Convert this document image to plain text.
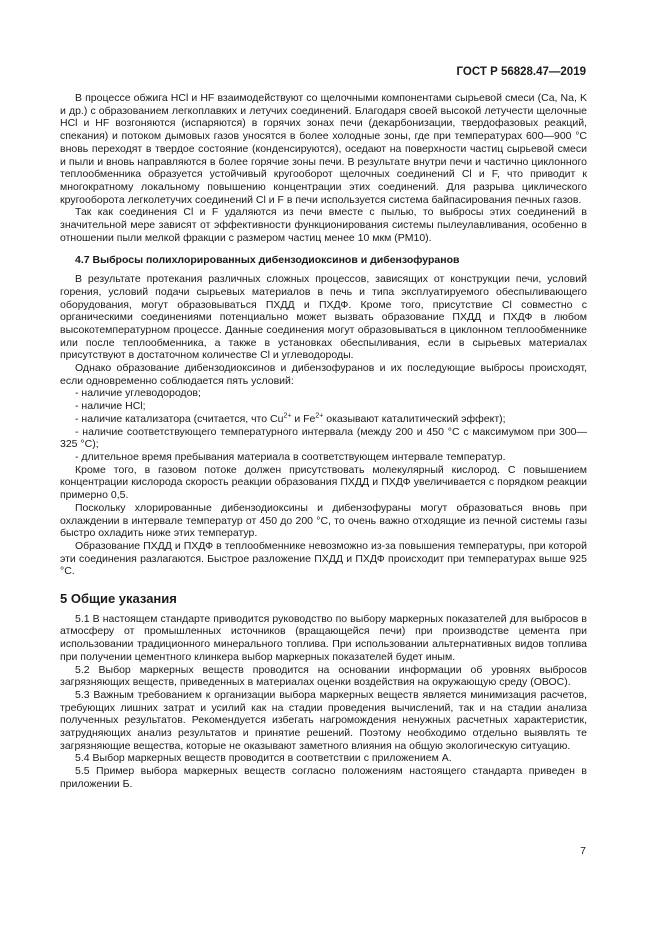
ГОСТ Р 56828.47—2019

В процессе обжига HCl и HF взаимодействуют со щелочными компонентами сырьевой смеси (Ca, Na, K и др.) с образованием легкоплавких и летучих соединений. Благодаря своей высокой летучести щелочные HCl и HF возгоняются (испаряются) в горячих зонах печи (декарбонизации, твердофазовых реакций, спекания) и потоком дымовых газов уносятся в более холодные зоны, где при температурах 600—900 °С вновь переходят в твердое состояние (конденсируются), оседают на поверхности частиц сырьевой смеси и пыли и вновь направляются в более горячие зоны печи. В результате внутри печи и частично циклонного теплообменника образуется устойчивый кругооборот щелочных соединений Cl и F, что приводит к многократному локальному повышению концентрации этих соединений. Для разрыва циклического кругооборота легколетучих соединений Cl и F в печи используется система байпасирования печных газов.

Так как соединения Cl и F удаляются из печи вместе с пылью, то выбросы этих соединений в значительной мере зависят от эффективности функционирования системы пылеулавливания, особенно в отношении пыли мелкой фракции с размером частиц менее 10 мкм (PM10).

4.7 Выбросы полихлорированных дибензодиоксинов и дибензофуранов

В результате протекания различных сложных процессов, зависящих от конструкции печи, условий горения, условий подачи сырьевых материалов в печь и типа эксплуатируемого обеспыливающего оборудования, могут образовываться ПХДД и ПХДФ. Кроме того, присутствие Cl совместно с органическими соединениями потенциально может вызвать образование ПХДД и ПХДФ в любом высокотемпературном процессе. Данные соединения могут образовываться в циклонном теплообменнике или после теплообменника, а также в установках обеспыливания, если в сырьевых материалах присутствуют в достаточном количестве Cl и углеводороды.

Однако образование дибензодиоксинов и дибензофуранов и их последующие выбросы происходят, если одновременно соблюдается пять условий:

- наличие углеводородов;

- наличие HCl;

- наличие катализатора (считается, что $Cu^{2+}$ и $Fe^{2+}$ оказывают каталитический эффект);

- наличие соответствующего температурного интервала (между 200 и 450 °С с максимумом при 300—325 °С);

- длительное время пребывания материала в соответствующем интервале температур.

Кроме того, в газовом потоке должен присутствовать молекулярный кислород. С повышением концентрации кислорода скорость реакции образования ПХДД и ПХДФ увеличивается с порядком реакции примерно 0,5.

Поскольку хлорированные дибензодиоксины и дибензофураны могут образоваться вновь при охлаждении в интервале температур от 450 до 200 °С, то очень важно отходящие из печной системы газы быстро охладить ниже этих температур.

Образование ПХДД и ПХДФ в теплообменнике невозможно из-за повышения температуры, при которой эти соединения разлагаются. Быстрое разложение ПХДД и ПХДФ происходит при температурах выше 925 °С.

5 Общие указания

5.1 В настоящем стандарте приводится руководство по выбору маркерных показателей для выбросов в атмосферу от промышленных источников (вращающейся печи) при производстве цемента при использовании традиционного минерального топлива. При использовании альтернативных видов топлива при получении цементного клинкера выбор маркерных показателей будет иным.

5.2 Выбор маркерных веществ проводится на основании информации об уровнях выбросов загрязняющих веществ, приведенных в материалах оценки воздействия на окружающую среду (ОВОС).

5.3 Важным требованием к организации выбора маркерных веществ является минимизация расчетов, требующих лишних затрат и усилий как на стадии проведения вычислений, так и на стадии анализа полученных результатов. Рекомендуется избегать нагромождения ненужных расчетных характеристик, затрудняющих анализ результатов и принятие решений. Поэтому необходимо отдельно выявлять те загрязняющие вещества, которые не оказывают заметного влияния на общую экологическую ситуацию.

5.4 Выбор маркерных веществ проводится в соответствии с приложением А.

5.5 Пример выбора маркерных веществ согласно положениям настоящего стандарта приведен в приложении Б.

7
